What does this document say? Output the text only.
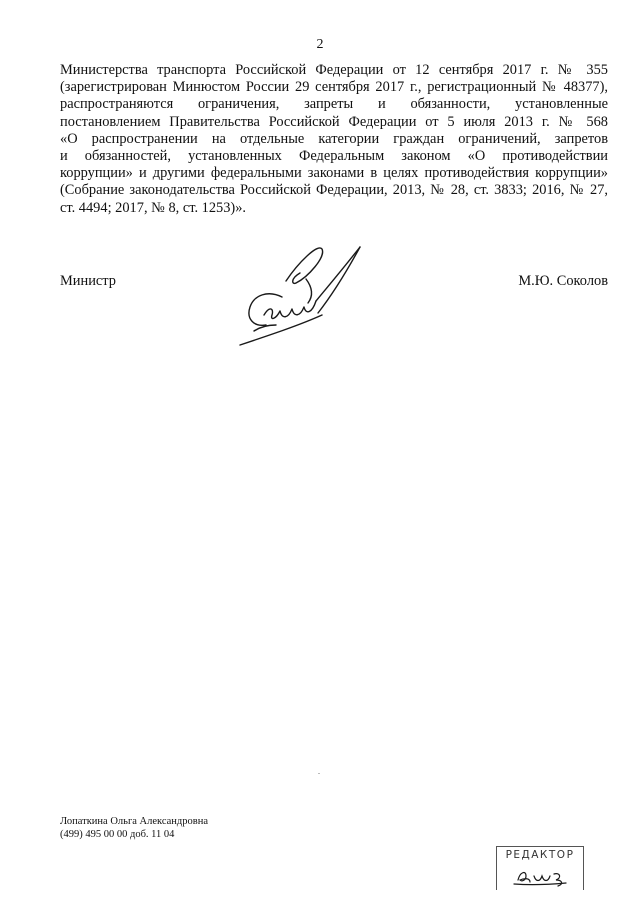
2
Министерства транспорта Российской Федерации от 12 сентября 2017 г. № 355
(зарегистрирован Минюстом России 29 сентября 2017 г., регистрационный № 48377),
распространяются ограничения, запреты и обязанности, установленные
постановлением Правительства Российской Федерации от 5 июля 2013 г. № 568
«О распространении на отдельные категории граждан ограничений, запретов
и обязанностей, установленных Федеральным законом «О противодействии
коррупции» и другими федеральными законами в целях противодействия коррупции»
(Собрание законодательства Российской Федерации, 2013, № 28, ст. 3833; 2016, № 27,
ст. 4494; 2017, № 8, ст. 1253)».
Министр	М.Ю. Соколов
Лопаткина Ольга Александровна
(499) 495 00 00 доб. 11 04
РЕДАКТОР
